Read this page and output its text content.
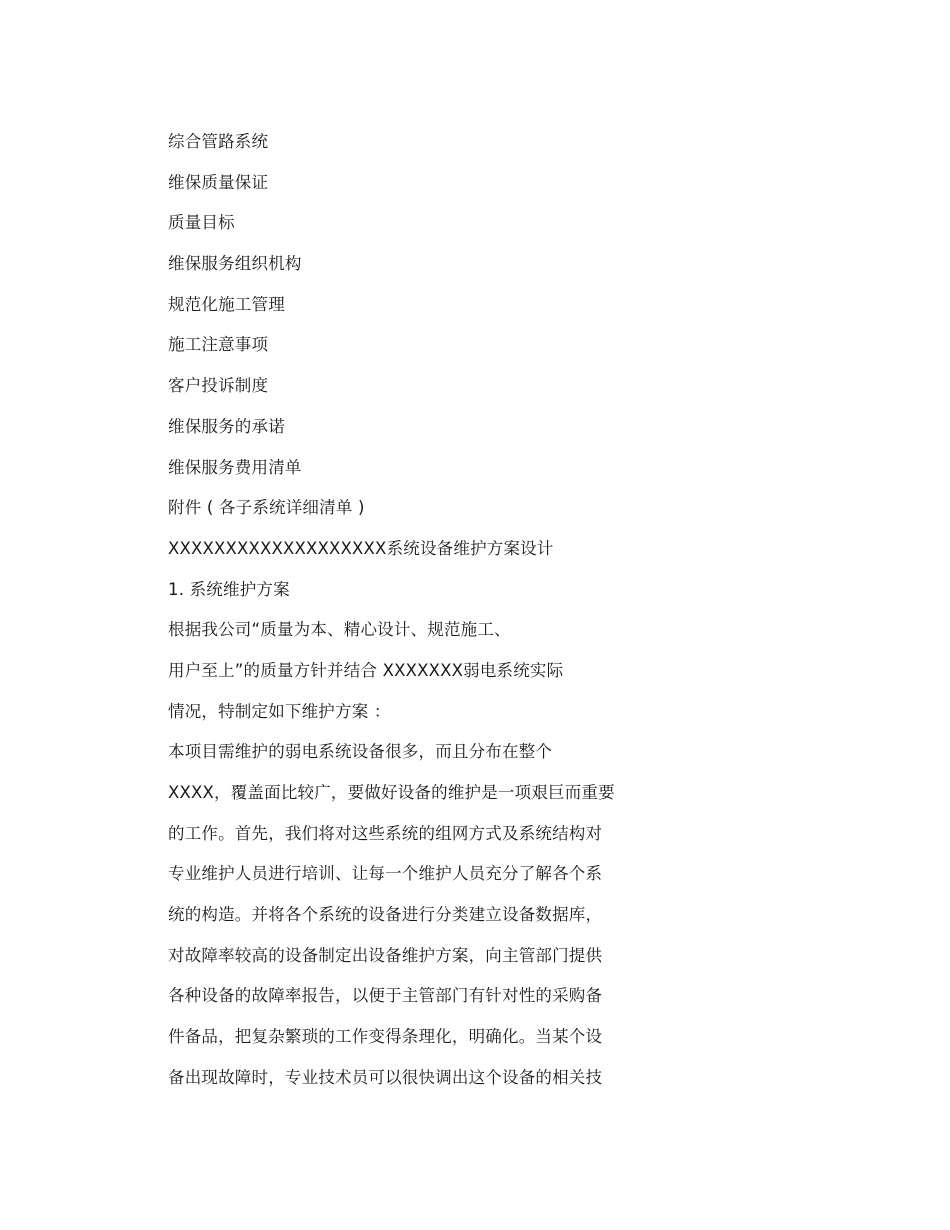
综合管路系统
维保质量保证
质量目标
维保服务组织机构
规范化施工管理
施工注意事项
客户投诉制度
维保服务的承诺
维保服务费用清单
附件 ( 各子系统详细清单 )
XXXXXXXXXXXXXXXXXXX系统设备维护方案设计
1. 系统维护方案
根据我公司“质量为本、精心设计、规范施工、
用户至上”的质量方针并结合 XXXXXXX弱电系统实际
情况，特制定如下维护方案 ：
本项目需维护的弱电系统设备很多，而且分布在整个
XXXX，覆盖面比较广，要做好设备的维护是一项艰巨而重要
的工作。首先，我们将对这些系统的组网方式及系统结构对
专业维护人员进行培训、让每一个维护人员充分了解各个系
统的构造。并将各个系统的设备进行分类建立设备数据库，
对故障率较高的设备制定出设备维护方案，向主管部门提供
各种设备的故障率报告，以便于主管部门有针对性的采购备
件备品，把复杂繁琐的工作变得条理化，明确化。当某个设
备出现故障时，专业技术员可以很快调出这个设备的相关技
